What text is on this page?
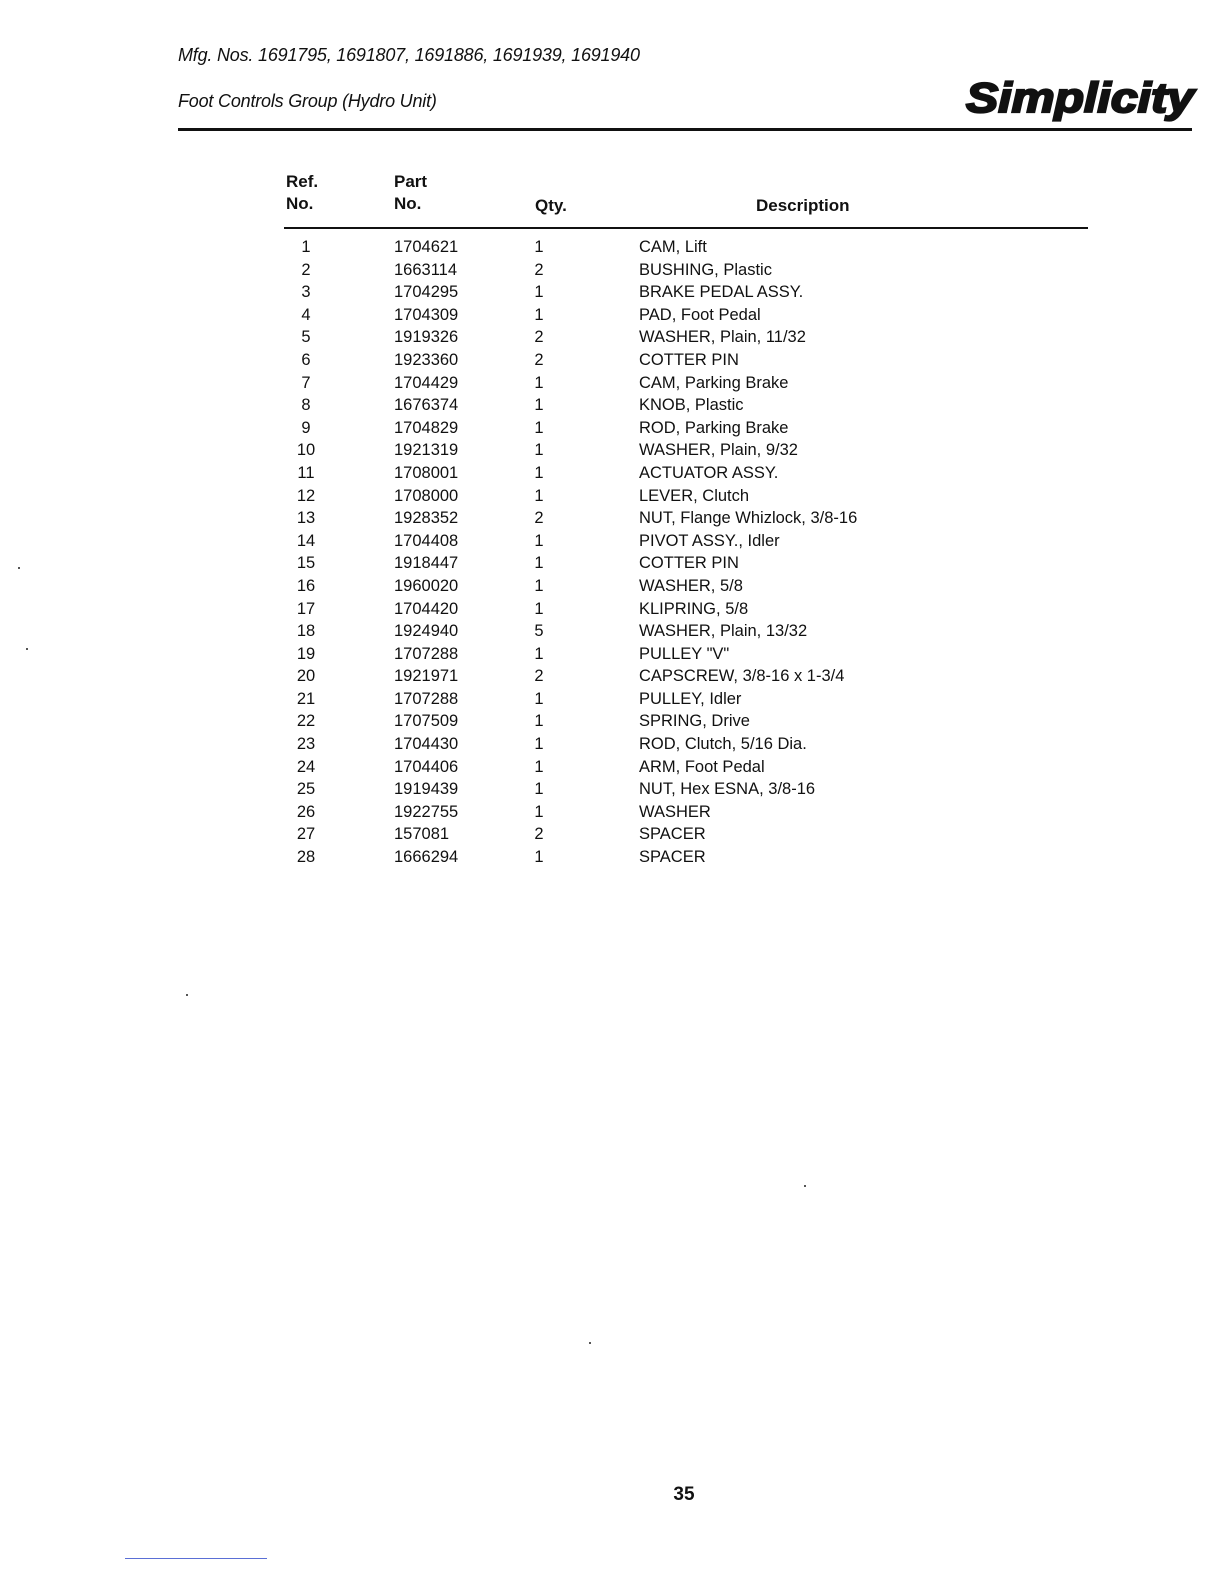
Mfg. Nos. 1691795, 1691807, 1691886, 1691939, 1691940
Foot Controls Group (Hydro Unit)	Simplicity
Ref.
No.
Part
No.	Qty.	Description
1	1704621	1	CAM, Lift
2	1663114	2	BUSHING, Plastic
3	1704295	1	BRAKE PEDAL ASSY.
4	1704309	1	PAD, Foot Pedal
5	1919326	2	WASHER, Plain, 11/32
6	1923360	2	COTTER PIN
7	1704429	1	CAM, Parking Brake
8	1676374	1	KNOB, Plastic
9	1704829	1	ROD, Parking Brake
10	1921319	1	WASHER, Plain, 9/32
11	1708001	1	ACTUATOR ASSY.
12	1708000	1	LEVER, Clutch
13	1928352	2	NUT, Flange Whizlock, 3/8-16
14	1704408	1	PIVOT ASSY., Idler
15	1918447	1	COTTER PIN
16	1960020	1	WASHER, 5/8
17	1704420	1	KLIPRING, 5/8
18	1924940	5	WASHER, Plain, 13/32
19	1707288	1	PULLEY "V"
20	1921971	2	CAPSCREW, 3/8-16 x 1-3/4
21	1707288	1	PULLEY, Idler
22	1707509	1	SPRING, Drive
23	1704430	1	ROD, Clutch, 5/16 Dia.
24	1704406	1	ARM, Foot Pedal
25	1919439	1	NUT, Hex ESNA, 3/8-16
26	1922755	1	WASHER
27	157081	2	SPACER
28	1666294	1	SPACER
35
